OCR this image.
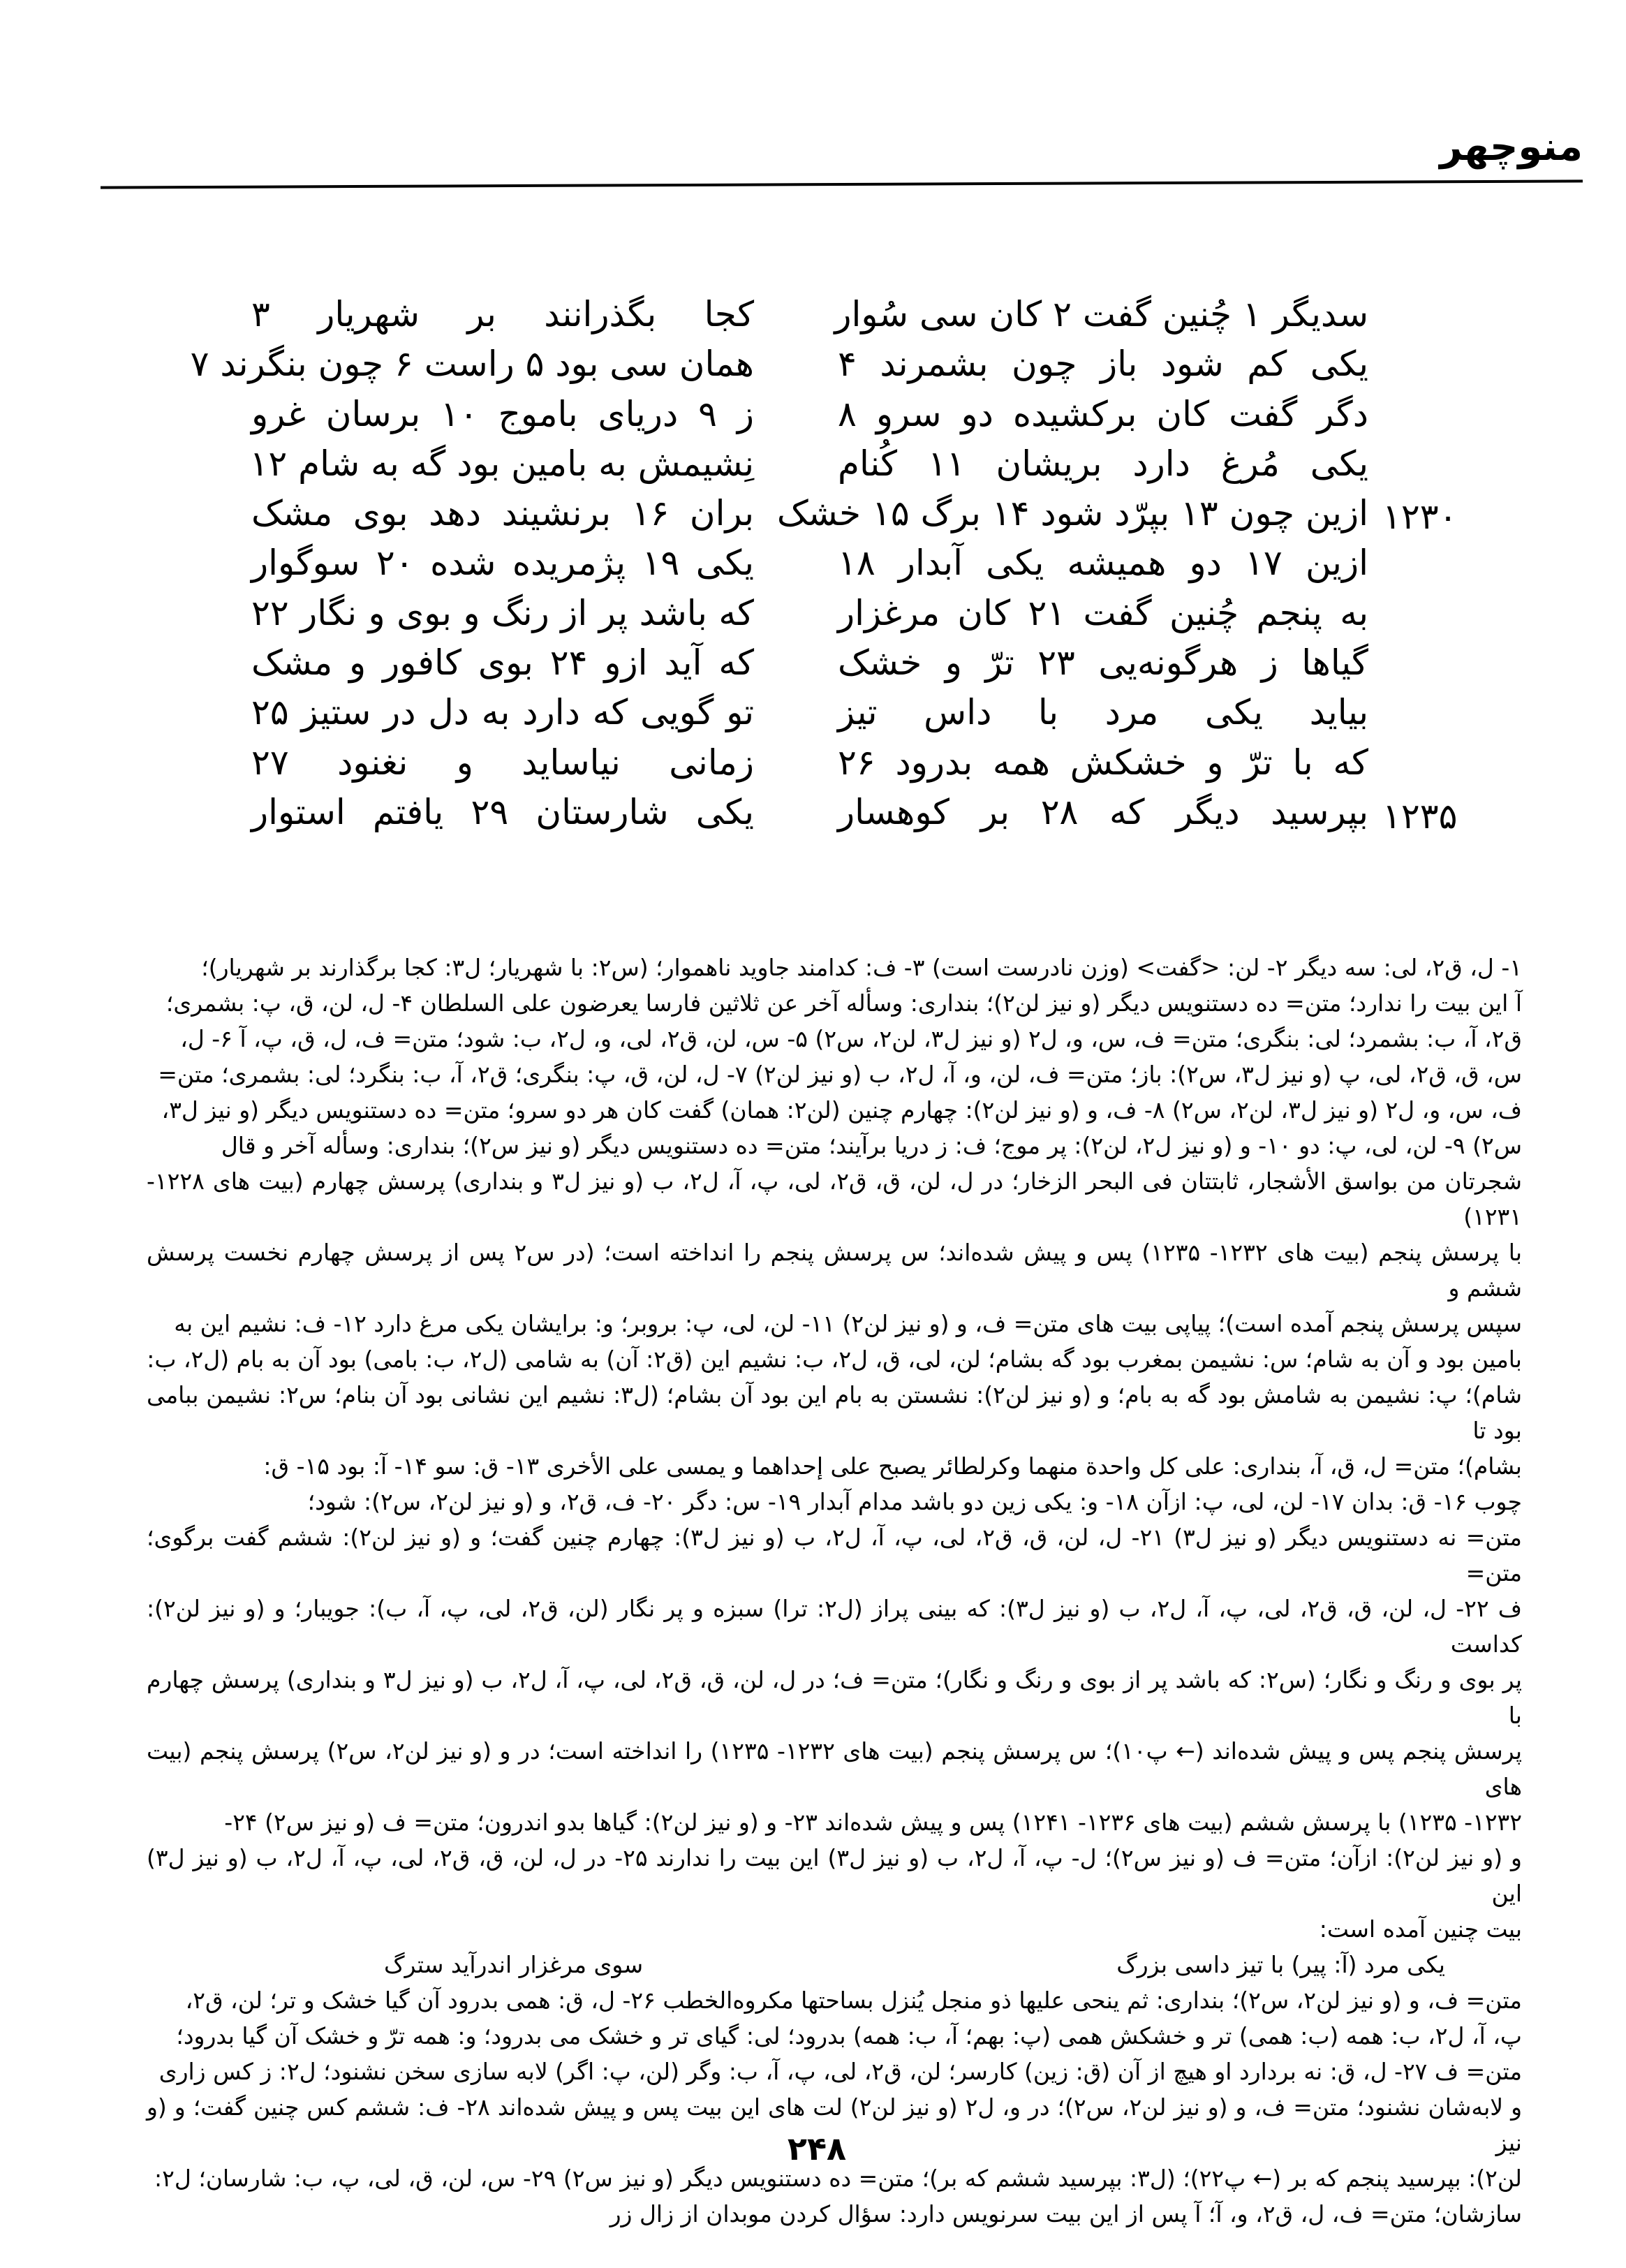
منوچهر
سدیگر ۱ چُنین گفت ۲ کان سی سُوار
یکی کم شود باز چون بشمرند ۴
دگر گفت کان برکشیده دو سرو ۸
یکی مُرغ دارد بریشان ۱۱ کُنام
ازین چون ۱۳ بپرّد شود ۱۴ برگ ۱۵ خشک
ازین ۱۷ دو همیشه یکی آبدار ۱۸
به پنجم چُنین گفت ۲۱ کان مرغزار
گیاها ز هرگونه‌یی ۲۳ ترّ و خشک
بیاید یکی مرد با داس تیز
که با ترّ و خشکش همه بدرود ۲۶
بپرسید دیگر که ۲۸ بر کوهسار
۱۲۳۰
۱۲۳۵
کجا بگذرانند بر شهریار ۳
همان سی بود ۵ راست ۶ چون بنگرند ۷
ز ۹ دریای باموج ۱۰ برسان غرو
نِشیمش به بامین بود گه به شام ۱۲
بران ۱۶ برنشیند دهد بوی مشک
یکی ۱۹ پژمریده شده ۲۰ سوگوار
که باشد پر از رنگ و بوی و نگار ۲۲
که آید ازو ۲۴ بوی کافور و مشک
تو گویی که دارد به دل در ستیز ۲۵
زمانی نیاساید و نغنود ۲۷
یکی شارستان ۲۹ یافتم استوار

۱- ل، ق۲، لی: سه دیگر ۲- لن: <گفت> (وزن نادرست است) ۳- ف: کدامند جاوید ناهموار؛ (س۲: با شهریار؛ ل۳: کجا برگذارند بر شهریار)؛

آ این بیت را ندارد؛ متن= ده دستنویس دیگر (و نیز لن۲)؛ بنداری: وسأله آخر عن ثلاثین فارسا یعرضون علی السلطان ۴- ل، لن، ق، پ: بشمری؛

ق۲، آ، ب: بشمرد؛ لی: بنگری؛ متن= ف، س، و، ل۲ (و نیز ل۳، لن۲، س۲) ۵- س، لن، ق۲، لی، و، ل۲، ب: شود؛ متن= ف، ل، ق، پ، آ ۶- ل،

س، ق، ق۲، لی، پ (و نیز ل۳، س۲): باز؛ متن= ف، لن، و، آ، ل۲، ب (و نیز لن۲) ۷- ل، لن، ق، پ: بنگری؛ ق۲، آ، ب: بنگرد؛ لی: بشمری؛ متن=

ف، س، و، ل۲ (و نیز ل۳، لن۲، س۲) ۸- ف، و (و نیز لن۲): چهارم چنین (لن۲: همان) گفت کان هر دو سرو؛ متن= ده دستنویس دیگر (و نیز ل۳،

س۲) ۹- لن، لی، پ: دو ۱۰- و (و نیز ل۲، لن۲): پر موج؛ ف: ز دریا برآیند؛ متن= ده دستنویس دیگر (و نیز س۲)؛ بنداری: وسأله آخر و قال

شجرتان من بواسق الأشجار، ثابتتان فی البحر الزخار؛ در ل، لن، ق، ق۲، لی، پ، آ، ل۲، ب (و نیز ل۳ و بنداری) پرسش چهارم (بیت های ۱۲۲۸- ۱۲۳۱)

با پرسش پنجم (بیت های ۱۲۳۲- ۱۲۳۵) پس و پیش شده‌اند؛ س پرسش پنجم را انداخته است؛ (در س۲ پس از پرسش چهارم نخست پرسش ششم و

سپس پرسش پنجم آمده است)؛ پیاپی بیت های متن= ف، و (و نیز لن۲) ۱۱- لن، لی، پ: بروبر؛ و: برایشان یکی مرغ دارد ۱۲- ف: نشیم این به

بامین بود و آن به شام؛ س: نشیمن بمغرب بود گه بشام؛ لن، لی، ق، ل۲، ب: نشیم این (ق۲: آن) به شامی (ل۲، ب: بامی) بود آن به بام (ل۲، ب:

شام)؛ پ: نشیمن به شامش بود گه به بام؛ و (و نیز لن۲): نشستن به بام این بود آن بشام؛ (ل۳: نشیم این نشانی بود آن بنام؛ س۲: نشیمن ببامی بود تا

بشام)؛ متن= ل، ق، آ، بنداری: علی کل واحدة منهما وکرلطائر یصبح علی إحداهما و یمسی علی الأخری ۱۳- ق: سو ۱۴- آ: بود ۱۵- ق:

چوب ۱۶- ق: بدان ۱۷- لن، لی، پ: ازآن ۱۸- و: یکی زین دو باشد مدام آبدار ۱۹- س: دگر ۲۰- ف، ق۲، و (و نیز لن۲، س۲): شود؛

متن= نه دستنویس دیگر (و نیز ل۳) ۲۱- ل، لن، ق، ق۲، لی، پ، آ، ل۲، ب (و نیز ل۳): چهارم چنین گفت؛ و (و نیز لن۲): ششم گفت برگوی؛ متن=

ف ۲۲- ل، لن، ق، ق۲، لی، پ، آ، ل۲، ب (و نیز ل۳): که بینی پراز (ل۲: ترا) سبزه و پر نگار (لن، ق۲، لی، پ، آ، ب): جویبار؛ و (و نیز لن۲): کداست

پر بوی و رنگ و نگار؛ (س۲: که باشد پر از بوی و رنگ و نگار)؛ متن= ف؛ در ل، لن، ق، ق۲، لی، پ، آ، ل۲، ب (و نیز ل۳ و بنداری) پرسش چهارم با

پرسش پنجم پس و پیش شده‌اند (← پ۱۰)؛ س پرسش پنجم (بیت های ۱۲۳۲- ۱۲۳۵) را انداخته است؛ در و (و نیز لن۲، س۲) پرسش پنجم (بیت های

۱۲۳۲- ۱۲۳۵) با پرسش ششم (بیت های ۱۲۳۶- ۱۲۴۱) پس و پیش شده‌اند ۲۳- و (و نیز لن۲): گیاها بدو اندرون؛ متن= ف (و نیز س۲) ۲۴-

و (و نیز لن۲): ازآن؛ متن= ف (و نیز س۲)؛ ل- پ، آ، ل۲، ب (و نیز ل۳) این بیت را ندارند ۲۵- در ل، لن، ق، ق۲، لی، پ، آ، ل۲، ب (و نیز ل۳) این

بیت چنین آمده است:

یکی مرد (آ: پیر) با تیز داسی بزرگ
سوی مرغزار اندرآید سترگ

متن= ف، و (و نیز لن۲، س۲)؛ بنداری: ثم ینحی علیها ذو منجل یُنزل بساحتها مکروه‌الخطب ۲۶- ل، ق: همی بدرود آن گیا خشک و تر؛ لن، ق۲،

پ، آ، ل۲، ب: همه (ب: همی) تر و خشکش همی (پ: بهم؛ آ، ب: همه) بدرود؛ لی: گیای تر و خشک می بدرود؛ و: همه ترّ و خشک آن گیا بدرود؛

متن= ف ۲۷- ل، ق: نه بردارد او هیچ از آن (ق: زین) کارسر؛ لن، ق۲، لی، پ، آ، ب: وگر (لن، پ: اگر) لابه سازی سخن نشنود؛ ل۲: ز کس زاری

و لابه‌شان نشنود؛ متن= ف، و (و نیز لن۲، س۲)؛ در و، ل۲ (و نیز لن۲) لت های این بیت پس و پیش شده‌اند ۲۸- ف: ششم کس چنین گفت؛ و (و نیز

لن۲): بپرسید پنجم که بر (← پ۲۲)؛ (ل۳: بپرسید ششم که بر)؛ متن= ده دستنویس دیگر (و نیز س۲) ۲۹- س، لن، ق، لی، پ، ب: شارسان؛ ل۲:

سازشان؛ متن= ف، ل، ق۲، و، آ؛ آ پس از این بیت سرنویس دارد: سؤال کردن موبدان از زال زر

۲۴۸
